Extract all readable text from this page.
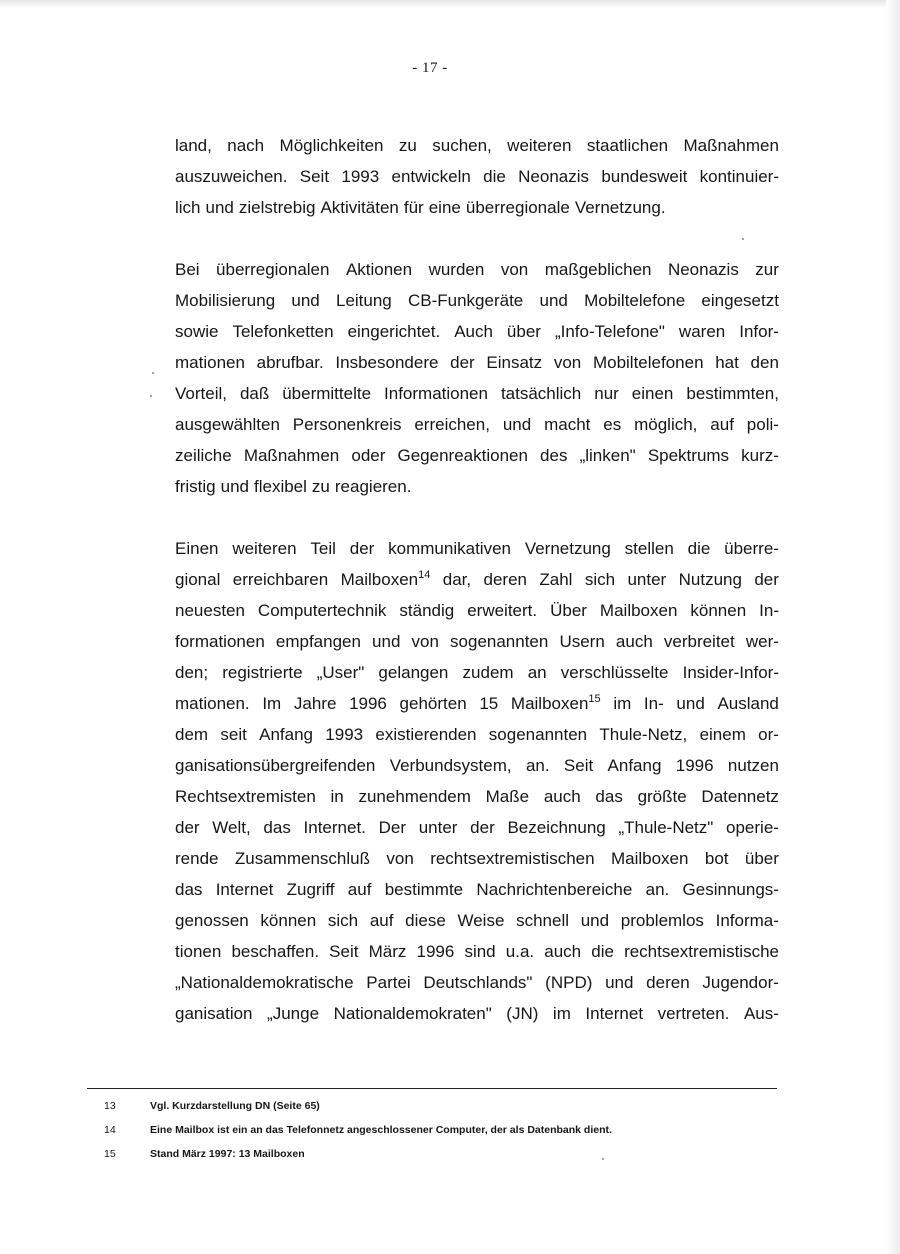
- 17 -
land, nach Möglichkeiten zu suchen, weiteren staatlichen Maßnahmen
auszuweichen. Seit 1993 entwickeln die Neonazis bundesweit kontinuier-
lich und zielstrebig Aktivitäten für eine überregionale Vernetzung.
Bei überregionalen Aktionen wurden von maßgeblichen Neonazis zur
Mobilisierung und Leitung CB-Funkgeräte und Mobiltelefone eingesetzt
sowie Telefonketten eingerichtet. Auch über „Info-Telefone" waren Infor-
mationen abrufbar. Insbesondere der Einsatz von Mobiltelefonen hat den
Vorteil, daß übermittelte Informationen tatsächlich nur einen bestimmten,
ausgewählten Personenkreis erreichen, und macht es möglich, auf poli-
zeiliche Maßnahmen oder Gegenreaktionen des „linken" Spektrums kurz-
fristig und flexibel zu reagieren.
Einen weiteren Teil der kommunikativen Vernetzung stellen die überre-
gional erreichbaren Mailboxen$^{14}$ dar, deren Zahl sich unter Nutzung der
neuesten Computertechnik ständig erweitert. Über Mailboxen können In-
formationen empfangen und von sogenannten Usern auch verbreitet wer-
den; registrierte „User" gelangen zudem an verschlüsselte Insider-Infor-
mationen. Im Jahre 1996 gehörten 15 Mailboxen$^{15}$ im In- und Ausland
dem seit Anfang 1993 existierenden sogenannten Thule-Netz, einem or-
ganisationsübergreifenden Verbundsystem, an. Seit Anfang 1996 nutzen
Rechtsextremisten in zunehmendem Maße auch das größte Datennetz
der Welt, das Internet. Der unter der Bezeichnung „Thule-Netz" operie-
rende Zusammenschluß von rechtsextremistischen Mailboxen bot über
das Internet Zugriff auf bestimmte Nachrichtenbereiche an. Gesinnungs-
genossen können sich auf diese Weise schnell und problemlos Informa-
tionen beschaffen. Seit März 1996 sind u.a. auch die rechtsextremistische
„Nationaldemokratische Partei Deutschlands" (NPD) und deren Jugendor-
ganisation „Junge Nationaldemokraten" (JN) im Internet vertreten. Aus-
13	Vgl. Kurzdarstellung DN (Seite 65)
14	Eine Mailbox ist ein an das Telefonnetz angeschlossener Computer, der als Datenbank dient.
15	Stand März 1997: 13 Mailboxen
